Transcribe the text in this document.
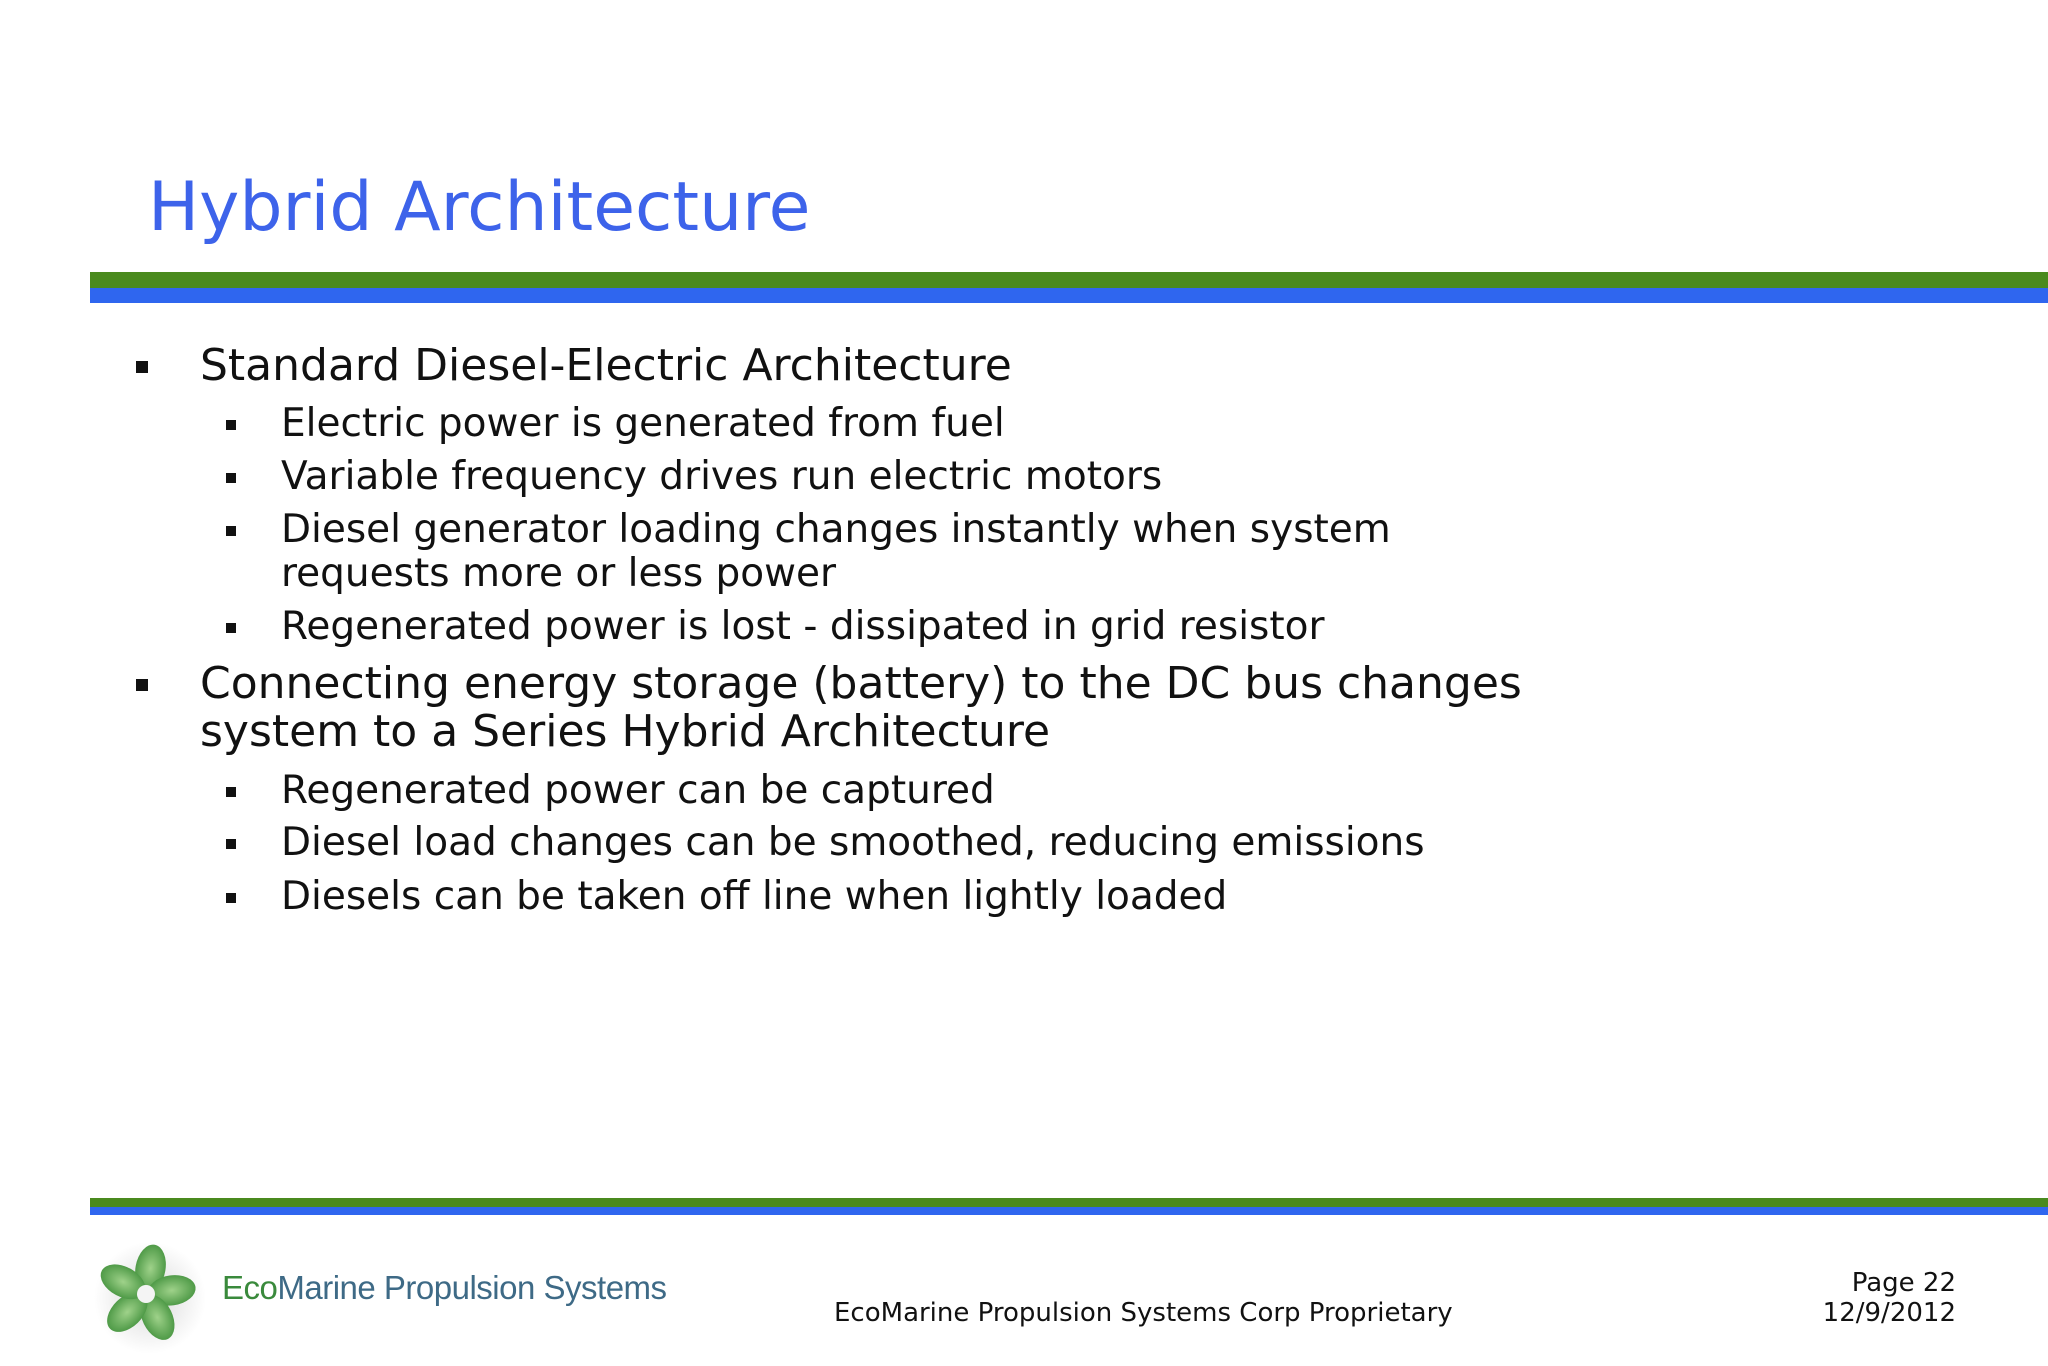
Hybrid Architecture
Standard Diesel-Electric Architecture
Electric power is generated from fuel
Variable frequency drives run electric motors
Diesel generator loading changes instantly when system
requests more or less power
Regenerated power is lost - dissipated in grid resistor
Connecting energy storage (battery) to the DC bus changes
system to a Series Hybrid Architecture
Regenerated power can be captured
Diesel load changes can be smoothed, reducing emissions
Diesels can be taken off line when lightly loaded
EcoMarine Propulsion Systems
EcoMarine Propulsion Systems Corp Proprietary
Page 22
12/9/2012
